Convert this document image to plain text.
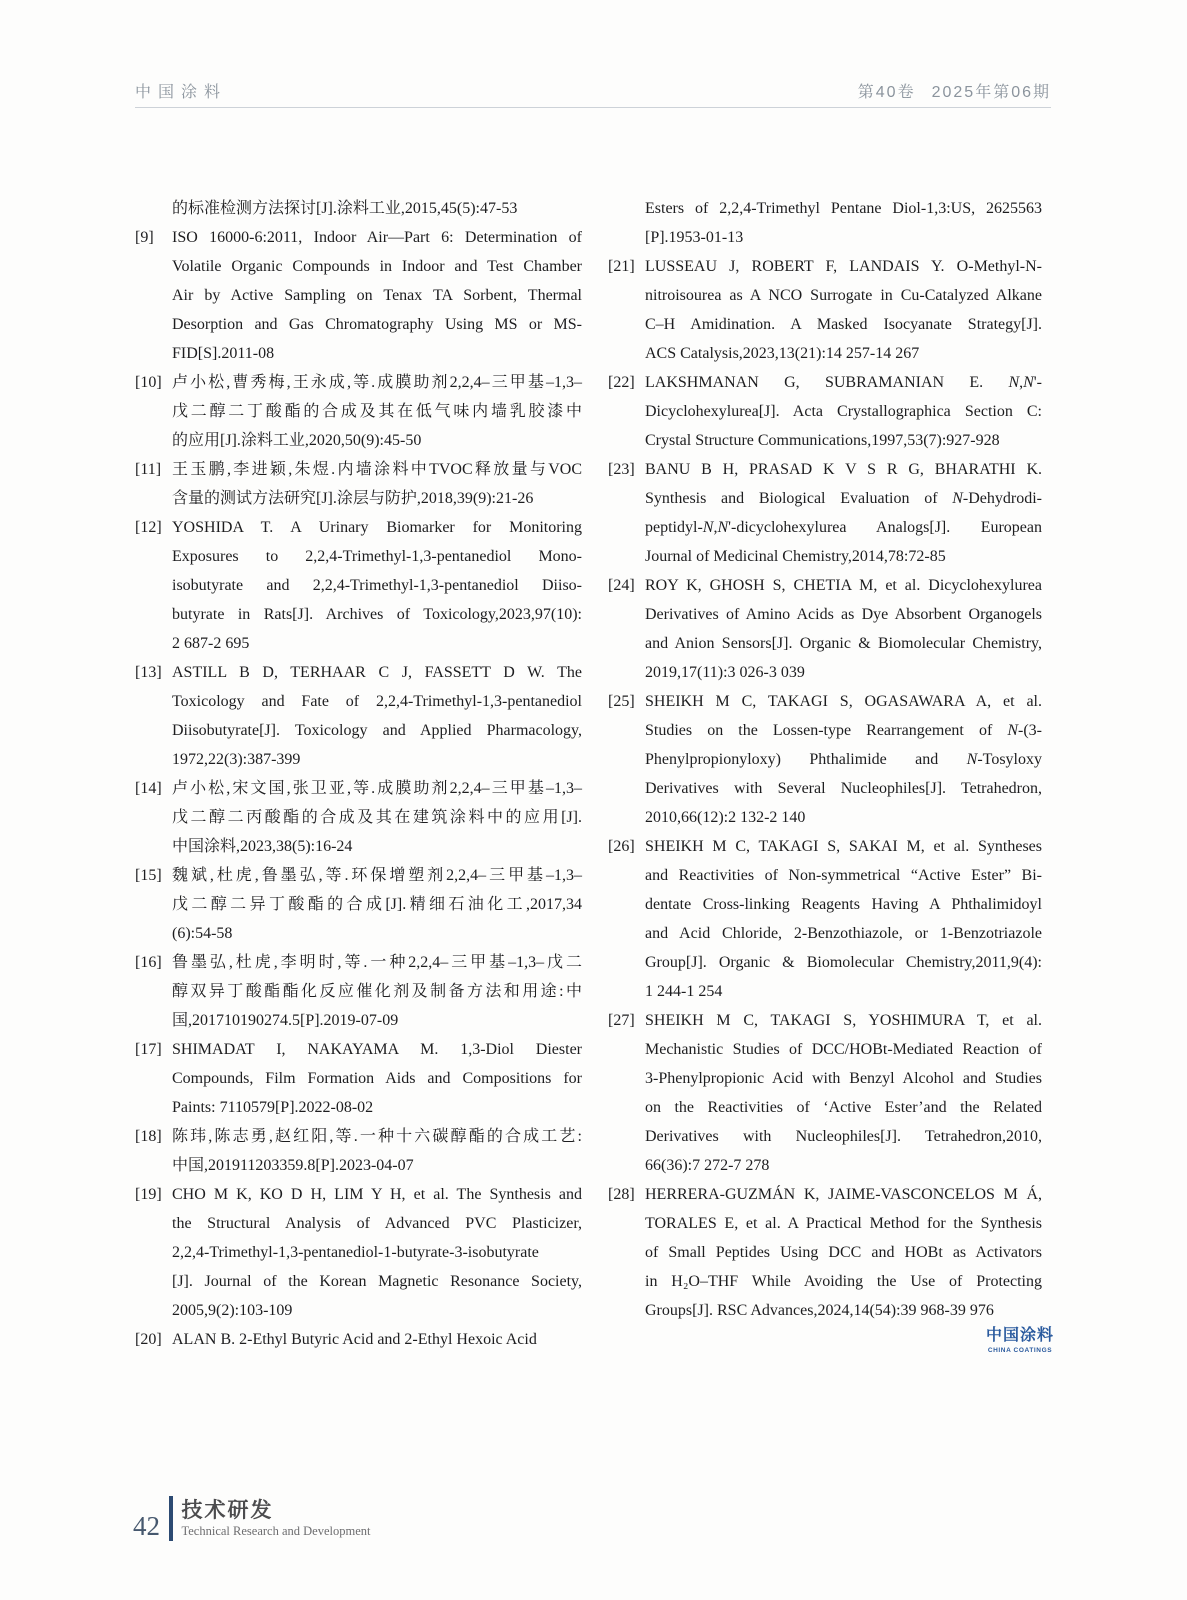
中国涂料	第40卷 2025年第06期
的标准检测方法探讨[J].涂料工业,2015,45(5):47-53
[9] ISO 16000-6:2011, Indoor Air—Part 6: Determination of
Volatile Organic Compounds in Indoor and Test Chamber
Air by Active Sampling on Tenax TA Sorbent, Thermal
Desorption and Gas Chromatography Using MS or MS-
FID[S].2011-08
[10] 卢小松,曹秀梅,王永成,等.成膜助剂2,2,4–三甲基–1,3–
戊二醇二丁酸酯的合成及其在低气味内墙乳胶漆中
的应用[J].涂料工业,2020,50(9):45-50
[11] 王玉鹏,李进颖,朱煜.内墙涂料中TVOC释放量与VOC
含量的测试方法研究[J].涂层与防护,2018,39(9):21-26
[12] YOSHIDA T. A Urinary Biomarker for Monitoring
Exposures to 2,2,4-Trimethyl-1,3-pentanediol Mono-
isobutyrate and 2,2,4-Trimethyl-1,3-pentanediol Diiso-
butyrate in Rats[J]. Archives of Toxicology,2023,97(10):
2 687-2 695
[13] ASTILL B D, TERHAAR C J, FASSETT D W. The
Toxicology and Fate of 2,2,4-Trimethyl-1,3-pentanediol
Diisobutyrate[J]. Toxicology and Applied Pharmacology,
1972,22(3):387-399
[14] 卢小松,宋文国,张卫亚,等.成膜助剂2,2,4–三甲基–1,3–
戊二醇二丙酸酯的合成及其在建筑涂料中的应用[J].
中国涂料,2023,38(5):16-24
[15] 魏斌,杜虎,鲁墨弘,等.环保增塑剂2,2,4–三甲基–1,3–
戊二醇二异丁酸酯的合成[J].精细石油化工,2017,34
(6):54-58
[16] 鲁墨弘,杜虎,李明时,等.一种2,2,4–三甲基–1,3–戊二
醇双异丁酸酯酯化反应催化剂及制备方法和用途:中
国,201710190274.5[P].2019-07-09
[17] SHIMADAT I, NAKAYAMA M. 1,3-Diol Diester
Compounds, Film Formation Aids and Compositions for
Paints: 7110579[P].2022-08-02
[18] 陈玮,陈志勇,赵红阳,等.一种十六碳醇酯的合成工艺:
中国,201911203359.8[P].2023-04-07
[19] CHO M K, KO D H, LIM Y H, et al. The Synthesis and
the Structural Analysis of Advanced PVC Plasticizer,
2,2,4-Trimethyl-1,3-pentanediol-1-butyrate-3-isobutyrate
[J]. Journal of the Korean Magnetic Resonance Society,
2005,9(2):103-109
[20] ALAN B. 2-Ethyl Butyric Acid and 2-Ethyl Hexoic Acid
Esters of 2,2,4-Trimethyl Pentane Diol-1,3:US, 2625563
[P].1953-01-13
[21] LUSSEAU J, ROBERT F, LANDAIS Y. O-Methyl-N-
nitroisourea as A NCO Surrogate in Cu-Catalyzed Alkane
C–H Amidination. A Masked Isocyanate Strategy[J].
ACS Catalysis,2023,13(21):14 257-14 267
[22] LAKSHMANAN G, SUBRAMANIAN E. N,N'-
Dicyclohexylurea[J]. Acta Crystallographica Section C:
Crystal Structure Communications,1997,53(7):927-928
[23] BANU B H, PRASAD K V S R G, BHARATHI K.
Synthesis and Biological Evaluation of N-Dehydrodi-
peptidyl-N,N'-dicyclohexylurea Analogs[J]. European
Journal of Medicinal Chemistry,2014,78:72-85
[24] ROY K, GHOSH S, CHETIA M, et al. Dicyclohexylurea
Derivatives of Amino Acids as Dye Absorbent Organogels
and Anion Sensors[J]. Organic & Biomolecular Chemistry,
2019,17(11):3 026-3 039
[25] SHEIKH M C, TAKAGI S, OGASAWARA A, et al.
Studies on the Lossen-type Rearrangement of N-(3-
Phenylpropionyloxy) Phthalimide and N-Tosyloxy
Derivatives with Several Nucleophiles[J]. Tetrahedron,
2010,66(12):2 132-2 140
[26] SHEIKH M C, TAKAGI S, SAKAI M, et al. Syntheses
and Reactivities of Non-symmetrical “Active Ester” Bi-
dentate Cross-linking Reagents Having A Phthalimidoyl
and Acid Chloride, 2-Benzothiazole, or 1-Benzotriazole
Group[J]. Organic & Biomolecular Chemistry,2011,9(4):
1 244-1 254
[27] SHEIKH M C, TAKAGI S, YOSHIMURA T, et al.
Mechanistic Studies of DCC/HOBt-Mediated Reaction of
3-Phenylpropionic Acid with Benzyl Alcohol and Studies
on the Reactivities of ‘Active Ester’and the Related
Derivatives with Nucleophiles[J]. Tetrahedron,2010,
66(36):7 272-7 278
[28] HERRERA-GUZMÁN K, JAIME-VASCONCELOS M Á,
TORALES E, et al. A Practical Method for the Synthesis
of Small Peptides Using DCC and HOBt as Activators
in H₂O–THF While Avoiding the Use of Protecting
Groups[J]. RSC Advances,2024,14(54):39 968-39 976
中国涂料
CHINA COATINGS
42
技术研发
Technical Research and Development
